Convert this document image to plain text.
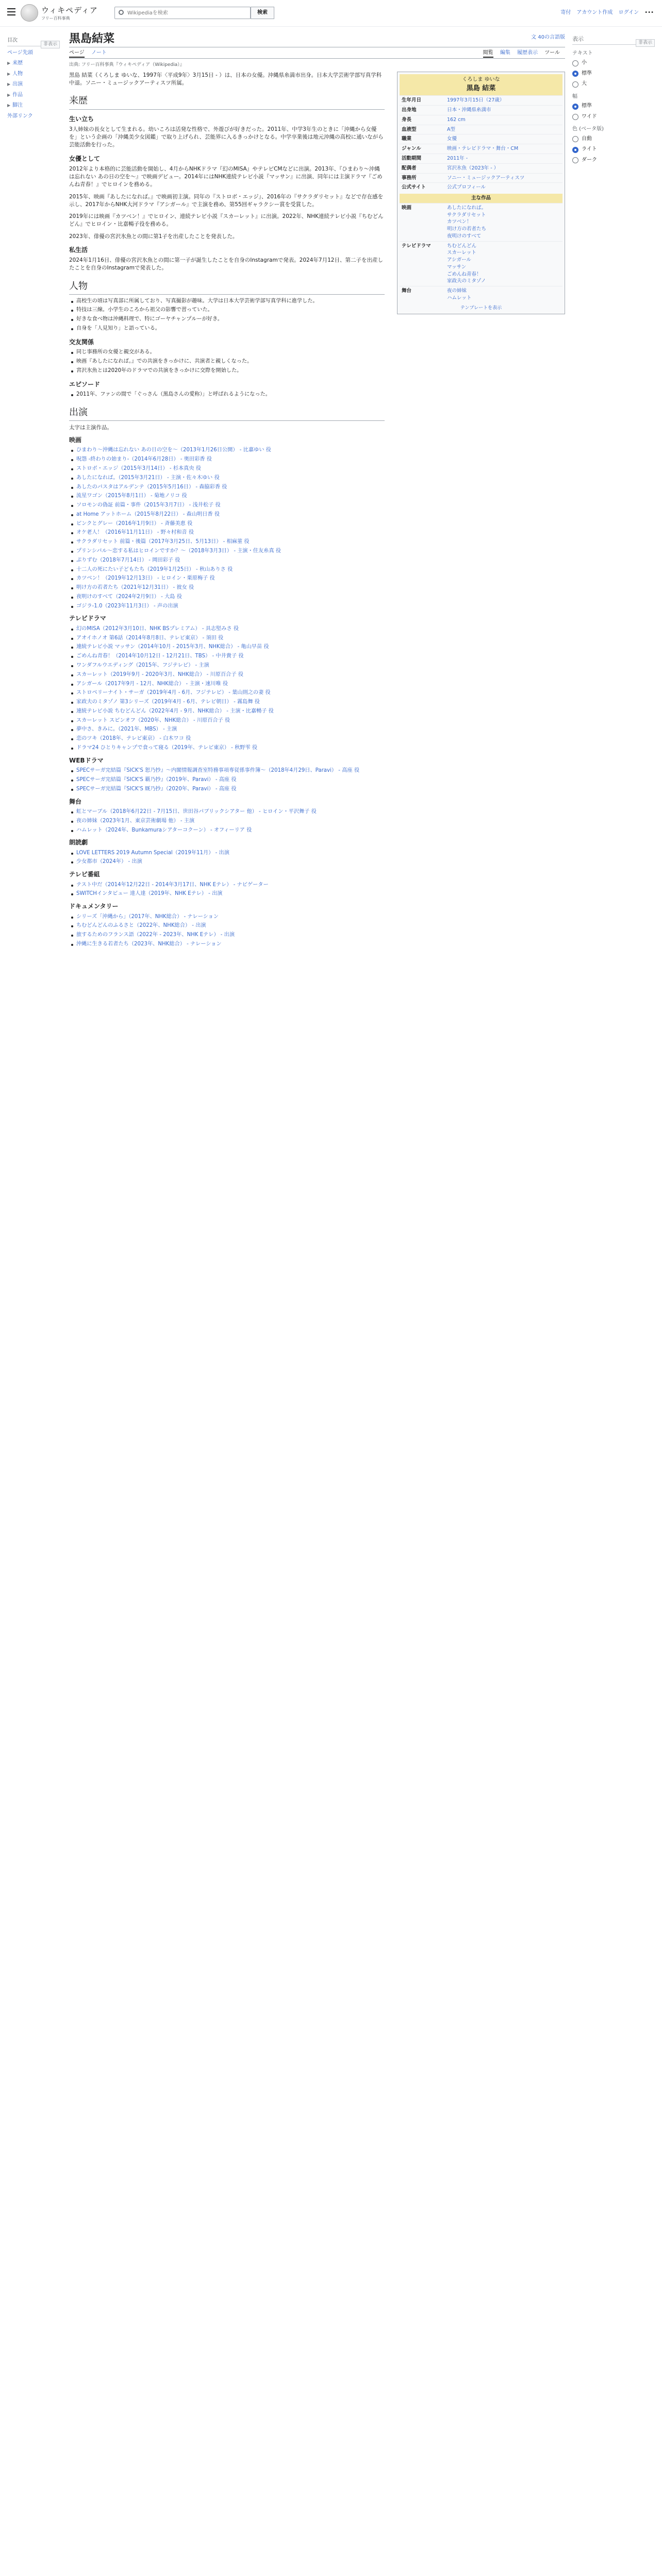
ウィキペディア
フリー百科事典
Wikipediaを検索
検索	寄付 アカウント作成 ログイン •••
目次
非表示
ページ先頭
▶ 来歴
▶ 人物
▶ 出演
▶ 作品
▶ 脚注
外部リンク
表示
非表示
テキスト
小
標準
大
幅
標準
ワイド
色 (ベータ版)
自動
ライト
ダーク
黒島結菜	文 40の言語版
ページ ノート	閲覧 編集 履歴表示 ツール
出典: フリー百科事典『ウィキペディア（Wikipedia）』
くろしま ゆいな
黒島 結菜
生年月日	1997年3月15日（27歳）
出身地	日本・沖縄県糸満市
身長	162 cm
血液型	A型
職業	女優
ジャンル	映画・テレビドラマ・舞台・CM
活動期間	2011年 -
配偶者	宮沢氷魚（2023年 - ）
事務所	ソニー・ミュージックアーティスツ
公式サイト	公式プロフィール
主な作品
映画	あしたになれば。
サクラダリセット
カツベン！
明け方の若者たち
夜明けのすべて
テレビドラマ	ちむどんどん
スカーレット
アシガール
マッサン
ごめんね青春！
家政夫のミタゾノ
舞台	夜の姉妹
ハムレット
テンプレートを表示

黒島 結菜（くろしま ゆいな、1997年〈平成9年〉3月15日 - ）は、日本の女優。沖縄県糸満市出身。日本大学芸術学部写真学科中退。ソニー・ミュージックアーティスツ所属。

来歴
生い立ち

3人姉妹の長女として生まれる。幼いころは活発な性格で、外遊びが好きだった。2011年、中学3年生のときに「沖縄から女優を」という企画の「沖縄美少女図鑑」で取り上げられ、芸能界に入るきっかけとなる。中学卒業後は地元沖縄の高校に通いながら芸能活動を行った。

女優として

2012年より本格的に芸能活動を開始し、4月からNHKドラマ『幻のMISA』やテレビCMなどに出演。2013年、『ひまわり〜沖縄は忘れない あの日の空を〜』で映画デビュー。2014年にはNHK連続テレビ小説『マッサン』に出演、同年には主演ドラマ『ごめんね青春！』でヒロインを務める。

2015年、映画『あしたになれば。』で映画初主演。同年の『ストロボ・エッジ』、2016年の『サクラダリセット』などで存在感を示し、2017年からNHK大河ドラマ『アシガール』で主演を務め、第55回ギャラクシー賞を受賞した。

2019年には映画『カツベン！』でヒロイン、連続テレビ小説『スカーレット』に出演。2022年、NHK連続テレビ小説『ちむどんどん』でヒロイン・比嘉暢子役を務める。

2023年、俳優の宮沢氷魚との間に第1子を出産したことを発表した。

私生活

2024年1月16日、俳優の宮沢氷魚との間に第一子が誕生したことを自身のInstagramで発表。2024年7月12日、第二子を出産したことを自身のInstagramで発表した。

人物
高校生の頃は写真部に所属しており、写真撮影が趣味。大学は日本大学芸術学部写真学科に進学した。
特技は三線。小学生のころから祖父の影響で習っていた。
好きな食べ物は沖縄料理で、特にゴーヤチャンプルーが好き。
自身を「人見知り」と語っている。
交友関係
同じ事務所の女優と親交がある。
映画『あしたになれば。』での共演をきっかけに、共演者と親しくなった。
宮沢氷魚とは2020年のドラマでの共演をきっかけに交際を開始した。
エピソード
2011年、ファンの間で「ぐっさん（黒島さんの愛称）」と呼ばれるようになった。
出演

太字は主演作品。

映画
ひまわり〜沖縄は忘れない あの日の空を〜（2013年1月26日公開） - 比嘉ゆい 役
呪怨 -終わりの始まり-（2014年6月28日） - 奥田彩香 役
ストロボ・エッジ（2015年3月14日） - 杉本真央 役
あしたになれば。（2015年3月21日） - 主演・佐々木ゆい 役
あしたのパスタはアルデンテ（2015年5月16日） - 森脇彩香 役
流星ワゴン（2015年8月1日） - 菊地ノリコ 役
ソロモンの偽証 前篇・事件（2015年3月7日） - 浅井松子 役
at Home アットホーム（2015年8月22日） - 森山明日香 役
ピンクとグレー（2016年1月9日） - 斉藤美恵 役
オケ老人！（2016年11月11日） - 野々村和音 役
サクラダリセット 前篇・後篇（2017年3月25日、5月13日） - 相麻菫 役
プリンシパル〜恋する私はヒロインですか？〜（2018年3月3日） - 主演・住友糸真 役
ぷりずむ（2018年7月14日） - 岡田彩子 役
十二人の死にたい子どもたち（2019年1月25日） - 秋山ありさ 役
カツベン！（2019年12月13日） - ヒロイン・栗原梅子 役
明け方の若者たち（2021年12月31日） - 彼女 役
夜明けのすべて（2024年2月9日） - 大島 役
ゴジラ-1.0（2023年11月3日） - 声の出演
テレビドラマ
幻のMISA（2012年3月10日、NHK BSプレミアム） - 具志堅みさ 役
アオイホノオ 第6話（2014年8月8日、テレビ東京） - 須田 役
連続テレビ小説 マッサン（2014年10月 - 2015年3月、NHK総合） - 亀山早苗 役
ごめんね青春！（2014年10月12日 - 12月21日、TBS） - 中井貴子 役
ワンダフルウエディング（2015年、フジテレビ） - 主演
スカーレット（2019年9月 - 2020年3月、NHK総合） - 川原百合子 役
アシガール（2017年9月 - 12月、NHK総合） - 主演・速川唯 役
ストロベリーナイト・サーガ（2019年4月 - 6月、フジテレビ） - 葉山則之の妻 役
家政夫のミタゾノ 第3シリーズ（2019年4月 - 6月、テレビ朝日） - 霧島舞 役
連続テレビ小説 ちむどんどん（2022年4月 - 9月、NHK総合） - 主演・比嘉暢子 役
スカーレット スピンオフ（2020年、NHK総合） - 川原百合子 役
夢中さ、きみに。（2021年、MBS） - 主演
恋のツキ（2018年、テレビ東京） - 白木ワコ 役
ドラマ24 ひとりキャンプで食って寝る（2019年、テレビ東京） - 秋野雫 役
WEBドラマ
SPECサーガ完結篇『SICK'S 恕乃抄』〜内閣情報調査室特務事項専従係事件簿〜（2018年4月29日、Paravi） - 高座 役
SPECサーガ完結篇『SICK'S 覇乃抄』（2019年、Paravi） - 高座 役
SPECサーガ完結篇『SICK'S 厩乃抄』（2020年、Paravi） - 高座 役
舞台
虹とマーブル（2018年6月22日 - 7月15日、世田谷パブリックシアター 他） - ヒロイン・平沢舞子 役
夜の姉妹（2023年1月、東京芸術劇場 他） - 主演
ハムレット（2024年、Bunkamuraシアターコクーン） - オフィーリア 役
朗読劇
LOVE LETTERS 2019 Autumn Special（2019年11月） - 出演
少女都市（2024年） - 出演
テレビ番組
テスト中だ（2014年12月22日 - 2014年3月17日、NHK Eテレ） - ナビゲーター
SWITCHインタビュー 達人達（2019年、NHK Eテレ） - 出演
ドキュメンタリー
シリーズ「沖縄から」（2017年、NHK総合） - ナレーション
ちむどんどんのふるさと（2022年、NHK総合） - 出演
旅するためのフランス語（2022年 - 2023年、NHK Eテレ） - 出演
沖縄に生きる若者たち（2023年、NHK総合） - ナレーション
